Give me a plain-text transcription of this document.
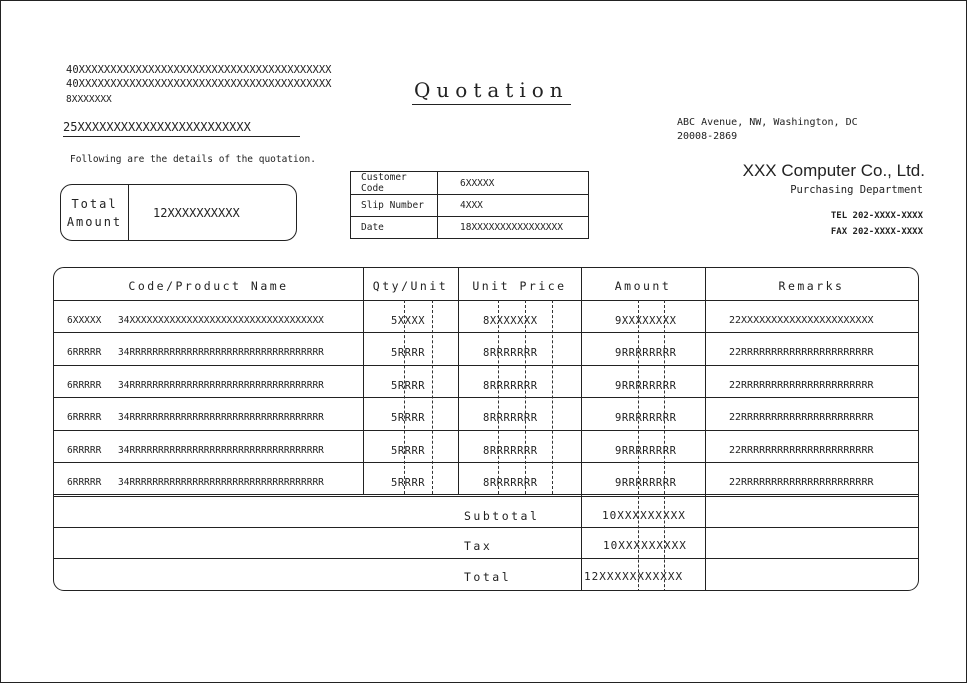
40XXXXXXXXXXXXXXXXXXXXXXXXXXXXXXXXXXXXXXXX
40XXXXXXXXXXXXXXXXXXXXXXXXXXXXXXXXXXXXXXXX
8XXXXXXX	Quotation
25XXXXXXXXXXXXXXXXXXXXXXXX
Following are the details of the quotation.
Total
Amount
12XXXXXXXXXX
Customer Code	6XXXXX
Slip Number	4XXX
Date	18XXXXXXXXXXXXXXXX
ABC Avenue, NW, Washington, DC
20008-2869
XXX Computer Co., Ltd.
Purchasing Department
TEL 202-XXXX-XXXX
FAX 202-XXXX-XXXX
Code/Product Name	Qty/Unit	Unit Price	Amount	Remarks
Subtotal	10XXXXXXXXX
Tax	10XXXXXXXXX
Total	12XXXXXXXXXXX
6XXXXX 34XXXXXXXXXXXXXXXXXXXXXXXXXXXXXXXXXX	5XXXX	8XXXXXXX	9XXXXXXXX	22XXXXXXXXXXXXXXXXXXXXXX
6RRRRR 34RRRRRRRRRRRRRRRRRRRRRRRRRRRRRRRRRR	5RRRR	8RRRRRRR	9RRRRRRRR	22RRRRRRRRRRRRRRRRRRRRRR
6RRRRR 34RRRRRRRRRRRRRRRRRRRRRRRRRRRRRRRRRR	5RRRR	8RRRRRRR	9RRRRRRRR	22RRRRRRRRRRRRRRRRRRRRRR
6RRRRR 34RRRRRRRRRRRRRRRRRRRRRRRRRRRRRRRRRR	5RRRR	8RRRRRRR	9RRRRRRRR	22RRRRRRRRRRRRRRRRRRRRRR
6RRRRR 34RRRRRRRRRRRRRRRRRRRRRRRRRRRRRRRRRR	5RRRR	8RRRRRRR	9RRRRRRRR	22RRRRRRRRRRRRRRRRRRRRRR
6RRRRR 34RRRRRRRRRRRRRRRRRRRRRRRRRRRRRRRRRR	5RRRR	8RRRRRRR	9RRRRRRRR	22RRRRRRRRRRRRRRRRRRRRRR
